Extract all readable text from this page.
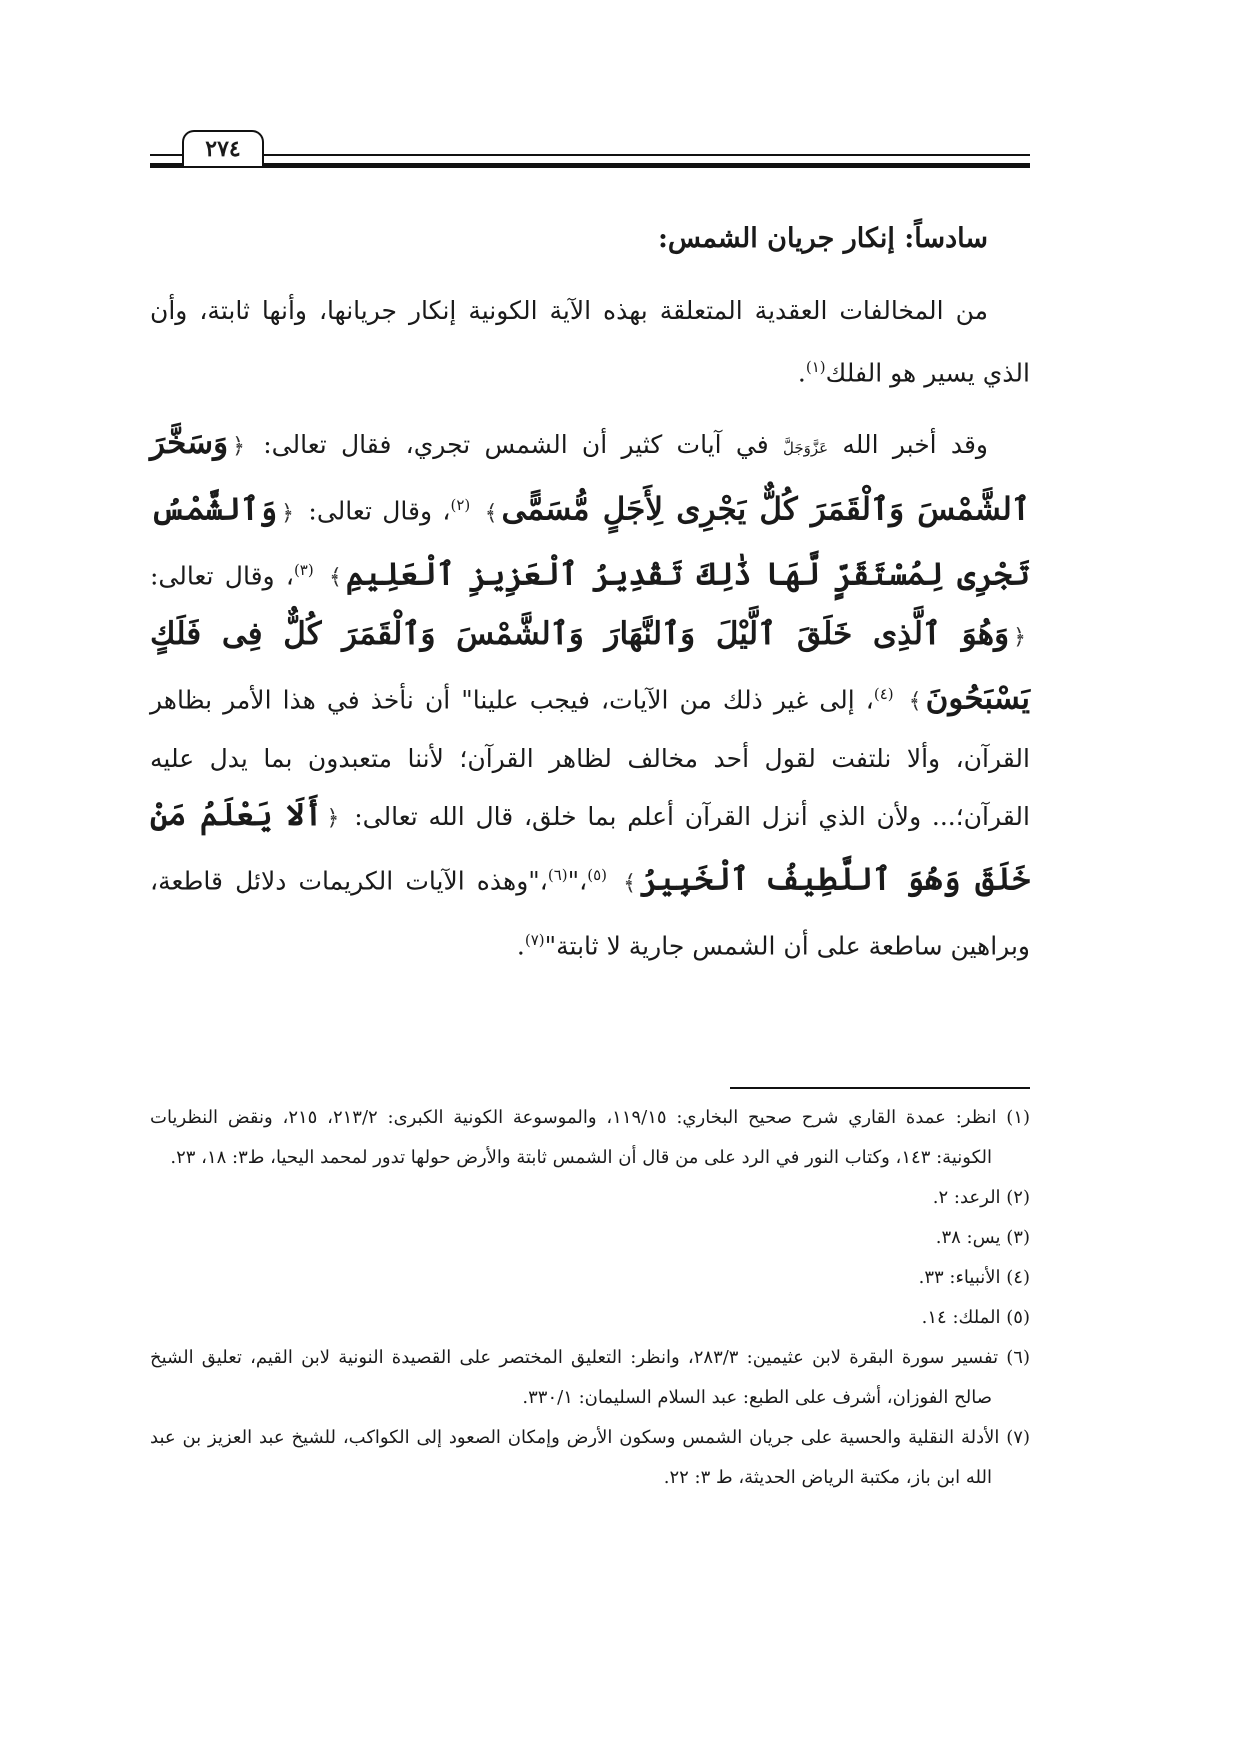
٢٧٤
سادساً: إنكار جريان الشمس:

من المخالفات العقدية المتعلقة بهذه الآية الكونية إنكار جريانها، وأنها ثابتة، وأن الذي يسير هو الفلك$^{(١)}$.

وقد أخبر الله عَزَّوَجَلَّ في آيات كثير أن الشمس تجري، فقال تعالى: ﴿وَسَخَّرَ ٱلشَّمْسَ وَٱلْقَمَرَ كُلٌّ يَجْرِى لِأَجَلٍ مُّسَمًّى﴾ $^{(٢)}$، وقال تعالى: ﴿وَٱلشَّمْسُ تَجْرِى لِمُسْتَقَرٍّ لَّهَا ذَٰلِكَ تَقْدِيرُ ٱلْعَزِيزِ ٱلْعَلِيمِ﴾ $^{(٣)}$، وقال تعالى: ﴿وَهُوَ ٱلَّذِى خَلَقَ ٱلَّيْلَ وَٱلنَّهَارَ وَٱلشَّمْسَ وَٱلْقَمَرَ كُلٌّ فِى فَلَكٍ يَسْبَحُونَ﴾ $^{(٤)}$، إلى غير ذلك من الآيات، فيجب علينا" أن نأخذ في هذا الأمر بظاهر القرآن، وألا نلتفت لقول أحد مخالف لظاهر القرآن؛ لأننا متعبدون بما يدل عليه القرآن؛... ولأن الذي أنزل القرآن أعلم بما خلق، قال الله تعالى: ﴿أَلَا يَعْلَمُ مَنْ خَلَقَ وَهُوَ ٱللَّطِيفُ ٱلْخَبِيرُ﴾ $^{(٥)}$،"$^{(٦)}$،"وهذه الآيات الكريمات دلائل قاطعة، وبراهين ساطعة على أن الشمس جارية لا ثابتة"$^{(٧)}$.

(١) انظر: عمدة القاري شرح صحيح البخاري: ١١٩/١٥، والموسوعة الكونية الكبرى: ٢١٣/٢، ٢١٥، ونقض النظريات الكونية: ١٤٣، وكتاب النور في الرد على من قال أن الشمس ثابتة والأرض حولها تدور لمحمد اليحيا، ط٣: ١٨، ٢٣.

(٢) الرعد: ٢.

(٣) يس: ٣٨.

(٤) الأنبياء: ٣٣.

(٥) الملك: ١٤.

(٦) تفسير سورة البقرة لابن عثيمين: ٢٨٣/٣، وانظر: التعليق المختصر على القصيدة النونية لابن القيم، تعليق الشيخ صالح الفوزان، أشرف على الطبع: عبد السلام السليمان: ٣٣٠/١.

(٧) الأدلة النقلية والحسية على جريان الشمس وسكون الأرض وإمكان الصعود إلى الكواكب، للشيخ عبد العزيز بن عبد الله ابن باز، مكتبة الرياض الحديثة، ط ٣: ٢٢.
